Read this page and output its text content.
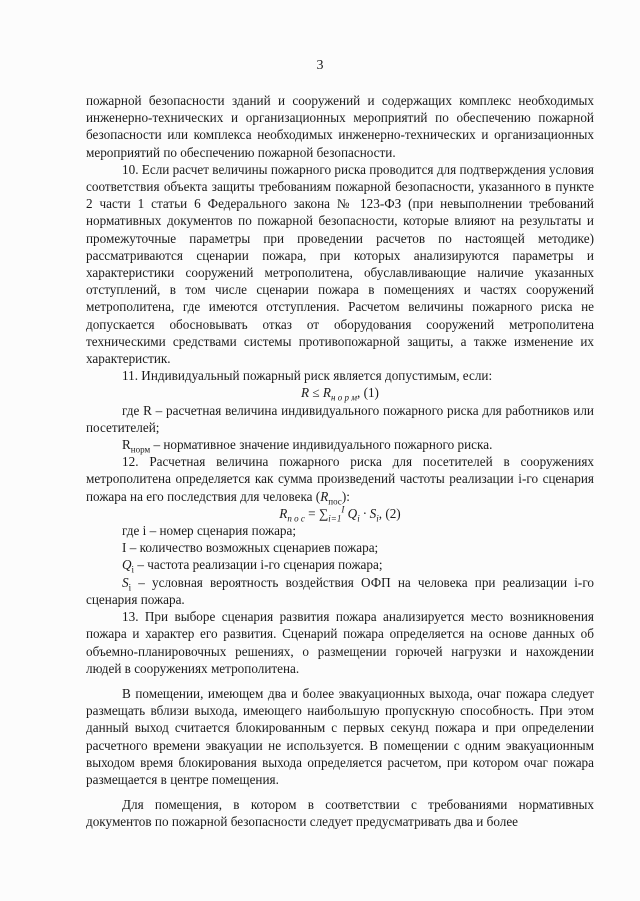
3

пожарной безопасности зданий и сооружений и содержащих комплекс необходимых инженерно-технических и организационных мероприятий по обеспечению пожарной безопасности или комплекса необходимых инженерно-технических и организационных мероприятий по обеспечению пожарной безопасности.

10. Если расчет величины пожарного риска проводится для подтверждения условия соответствия объекта защиты требованиям пожарной безопасности, указанного в пункте 2 части 1 статьи 6 Федерального закона № 123-ФЗ (при невыполнении требований нормативных документов по пожарной безопасности, которые влияют на результаты и промежуточные параметры при проведении расчетов по настоящей методике) рассматриваются сценарии пожара, при которых анализируются параметры и характеристики сооружений метрополитена, обуславливающие наличие указанных отступлений, в том числе сценарии пожара в помещениях и частях сооружений метрополитена, где имеются отступления. Расчетом величины пожарного риска не допускается обосновывать отказ от оборудования сооружений метрополитена техническими средствами системы противопожарной защиты, а также изменение их характеристик.

11. Индивидуальный пожарный риск является допустимым, если:

$R \le R_{н о р м}$, (1)

где R – расчетная величина индивидуального пожарного риска для работников или посетителей;

$R_{норм}$ – нормативное значение индивидуального пожарного риска.

12. Расчетная величина пожарного риска для посетителей в сооружениях метрополитена определяется как сумма произведений частоты реализации i-го сценария пожара на его последствия для человека $(R_{пос})$:

$R_{п о с} = \sum_{i=1}^I$ $Q_i \cdot S_i$, (2)

где i – номер сценария пожара;

I – количество возможных сценариев пожара;

$Q_i$ – частота реализации i-го сценария пожара;

$S_i$ – условная вероятность воздействия ОФП на человека при реализации i-го сценария пожара.

13. При выборе сценария развития пожара анализируется место возникновения пожара и характер его развития. Сценарий пожара определяется на основе данных об объемно-планировочных решениях, о размещении горючей нагрузки и нахождении людей в сооружениях метрополитена.

В помещении, имеющем два и более эвакуационных выхода, очаг пожара следует размещать вблизи выхода, имеющего наибольшую пропускную способность. При этом данный выход считается блокированным с первых секунд пожара и при определении расчетного времени эвакуации не используется. В помещении с одним эвакуационным выходом время блокирования выхода определяется расчетом, при котором очаг пожара размещается в центре помещения.

Для помещения, в котором в соответствии с требованиями нормативных документов по пожарной безопасности следует предусматривать два и более
